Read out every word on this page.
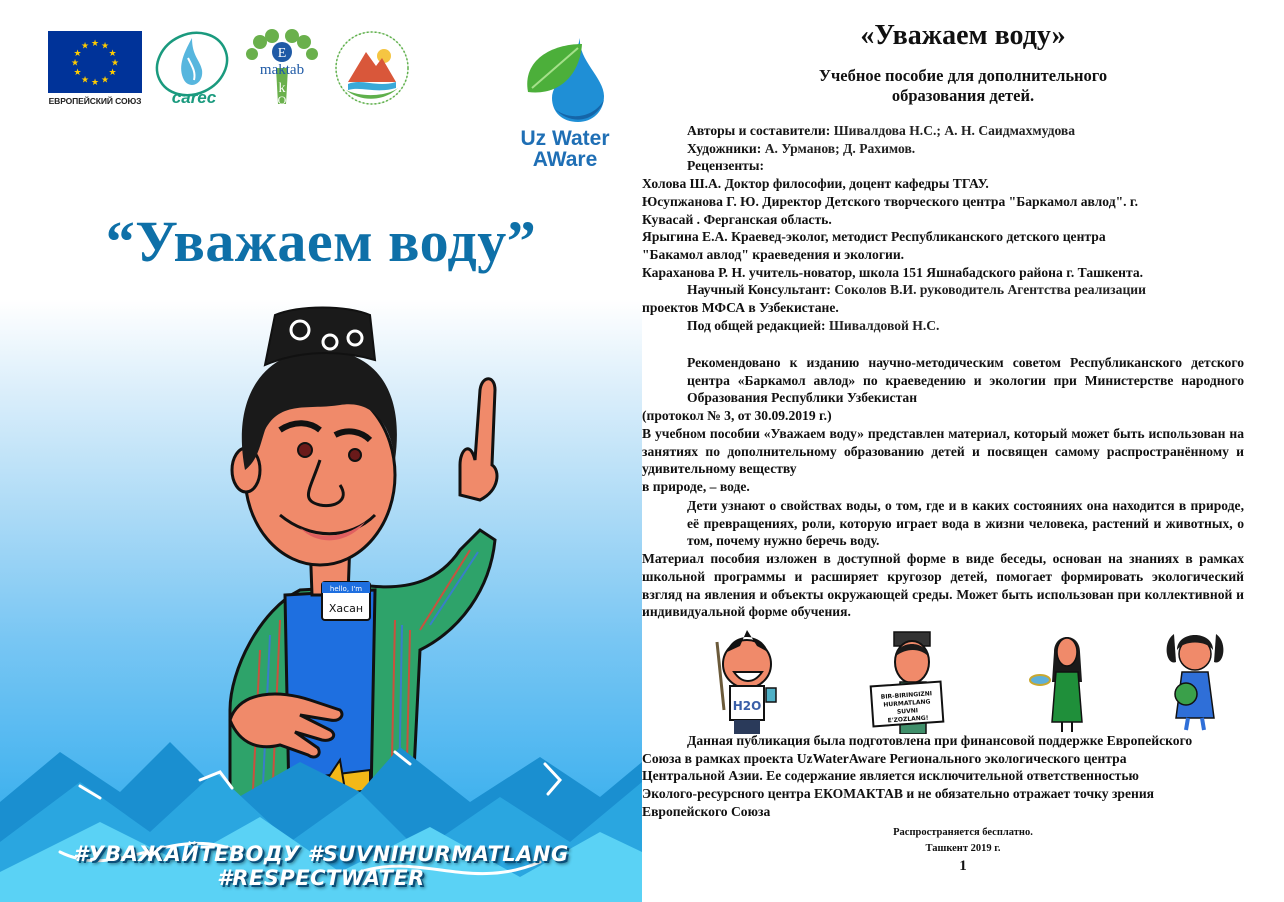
★ ★
★
★
★
★
★
★
★
★
★
★
ЕВРОПЕЙСКИЙ СОЮЗ carec
E
maktab
k
O
Uz Water
AWare
“Уважаем воду”
hello, I'm
Хасан
#УВАЖАЙТЕВОДУ #SUVNIHURMATLANG #RESPECTWATER
«Уважаем воду»
Учебное пособие для дополнительного
образования детей.
Авторы и составители: Шивалдова Н.С.; А. Н. Саидмахмудова
Художники: А. Урманов; Д. Рахимов.
Рецензенты:
Холова Ш.А. Доктор философии, доцент кафедры ТГАУ.
Юсупжанова Г. Ю. Директор Детского творческого центра "Баркамол авлод". г.
Кувасай . Ферганская область.
Ярыгина Е.А. Краевед-эколог, методист Республиканского детского центра
"Бакамол авлод" краеведения и экологии.
Караханова Р. Н. учитель-новатор, школа 151 Яшнабадского района г. Ташкента.
Научный Консультант: Соколов В.И. руководитель Агентства реализации
проектов МФСА в Узбекистане.
Под общей редакцией: Шивалдовой Н.С.
Рекомендовано к изданию научно-методическим советом Республиканского детского центра «Баркамол авлод» по краеведению и экологии при Министерстве народного Образования Республики Узбекистан
(протокол № 3, от 30.09.2019 г.)
В учебном пособии «Уважаем воду» представлен материал, который может быть использован на занятиях по дополнительному образованию детей и посвящен самому распространённому и удивительному веществу
в природе, – воде.
Дети узнают о свойствах воды, о том, где и в каких состояниях она находится в природе, её превращениях, роли, которую играет вода в жизни человека, растений и животных, о том, почему нужно беречь воду.
Материал пособия изложен в доступной форме в виде беседы, основан на знаниях в рамках школьной программы и расширяет кругозор детей, помогает формировать экологический взгляд на явления и объекты окружающей среды. Может быть использован при коллективной и индивидуальной форме обучения.
H2O
BIR-BIRINGIZNI
HURMATLANG
SUVNI
E'ZOZLANG!
Данная публикация была подготовлена при финансовой поддержке Европейского
Союза в рамках проекта UzWaterAware Регионального экологического центра
Центральной Азии. Ее содержание является исключительной ответственностью
Эколого-ресурсного центра ЕКОМАКТАВ и не обязательно отражает точку зрения
Европейского Союза
Распространяется бесплатно.
Ташкент 2019 г.
1
